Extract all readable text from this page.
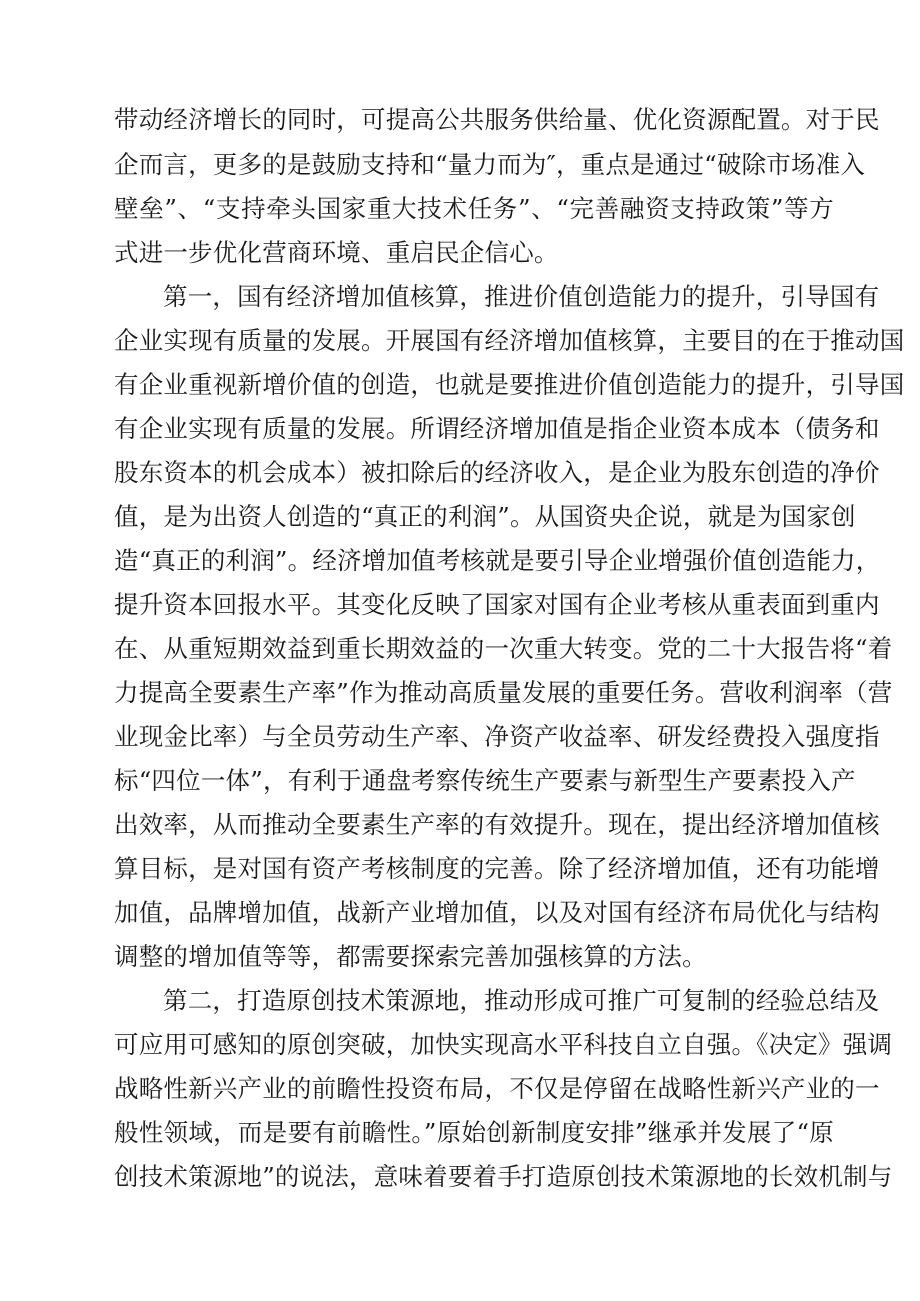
带动经济增长的同时，可提高公共服务供给量、优化资源配置。对于民
企而言，更多的是鼓励支持和“量力而为″，重点是通过“破除市场准入
壁垒”、“支持牵头国家重大技术任务”、“完善融资支持政策”等方
式进一步优化营商环境、重启民企信心。
第一，国有经济增加值核算，推进价值创造能力的提升，引导国有
企业实现有质量的发展。开展国有经济增加值核算，主要目的在于推动国
有企业重视新增价值的创造，也就是要推进价值创造能力的提升，引导国
有企业实现有质量的发展。所谓经济增加值是指企业资本成本（债务和
股东资本的机会成本）被扣除后的经济收入，是企业为股东创造的净价
值，是为出资人创造的“真正的利润”。从国资央企说，就是为国家创
造“真正的利润”。经济增加值考核就是要引导企业增强价值创造能力，
提升资本回报水平。其变化反映了国家对国有企业考核从重表面到重内
在、从重短期效益到重长期效益的一次重大转变。党的二十大报告将“着
力提高全要素生产率”作为推动高质量发展的重要任务。营收利润率（营
业现金比率）与全员劳动生产率、净资产收益率、研发经费投入强度指
标“四位一体”，有利于通盘考察传统生产要素与新型生产要素投入产
出效率，从而推动全要素生产率的有效提升。现在，提出经济增加值核
算目标，是对国有资产考核制度的完善。除了经济增加值，还有功能增
加值，品牌增加值，战新产业增加值，以及对国有经济布局优化与结构
调整的增加值等等，都需要探索完善加强核算的方法。
第二，打造原创技术策源地，推动形成可推广可复制的经验总结及
可应用可感知的原创突破，加快实现高水平科技自立自强。《决定》强调
战略性新兴产业的前瞻性投资布局，不仅是停留在战略性新兴产业的一
般性领域，而是要有前瞻性。”原始创新制度安排”继承并发展了“原
创技术策源地”的说法，意味着要着手打造原创技术策源地的长效机制与
